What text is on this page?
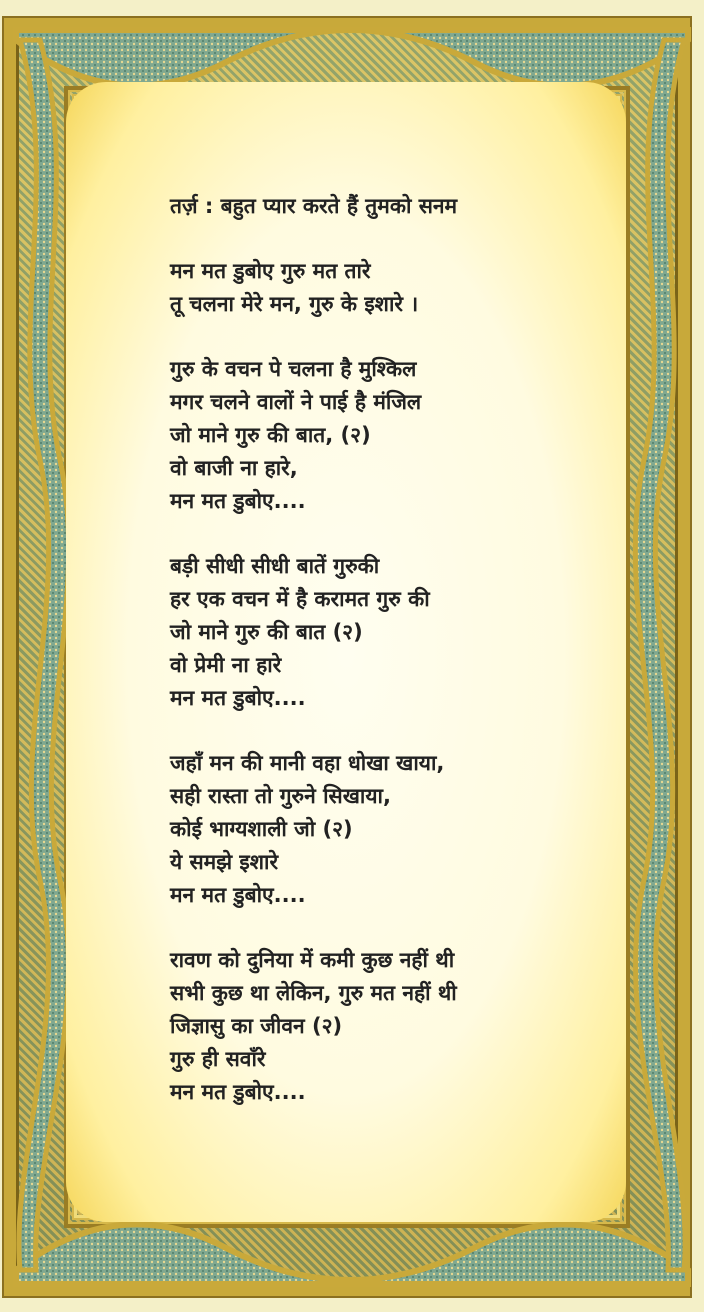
तर्ज़ : बहुत प्यार करते हैं तुमको सनम
मन मत डुबोए गुरु मत तारे
तू चलना मेरे मन, गुरु के इशारे ।
गुरु के वचन पे चलना है मुश्किल
मगर चलने वालों ने पाई है मंजिल
जो माने गुरु की बात, (२)
वो बाजी ना हारे,
मन मत डुबोए....
बड़ी सीधी सीधी बातें गुरुकी
हर एक वचन में है करामत गुरु की
जो माने गुरु की बात (२)
वो प्रेमी ना हारे
मन मत डुबोए....
जहाँ मन की मानी वहा धोखा खाया,
सही रास्ता तो गुरुने सिखाया,
कोई भाग्यशाली जो (२)
ये समझे इशारे
मन मत डुबोए....
रावण को दुनिया में कमी कुछ नहीं थी
सभी कुछ था लेकिन, गुरु मत नहीं थी
जिज्ञासु का जीवन (२)
गुरु ही सवाँरे
मन मत डुबोए....
